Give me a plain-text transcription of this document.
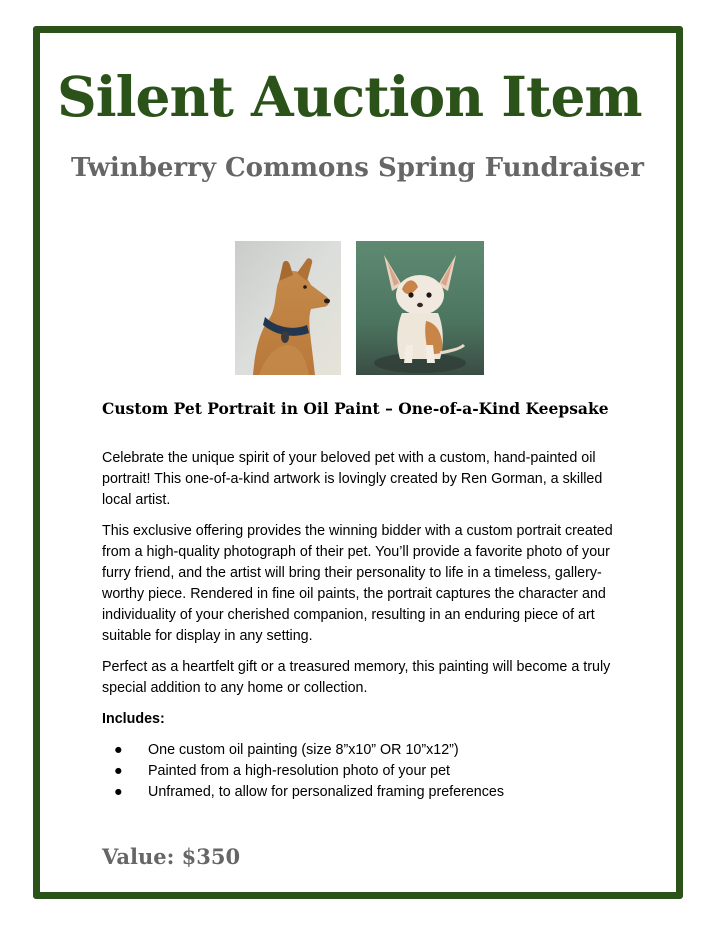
Silent Auction Item
Twinberry Commons Spring Fundraiser
Custom Pet Portrait in Oil Paint – One-of-a-Kind Keepsake

Celebrate the unique spirit of your beloved pet with a custom, hand-painted oil portrait! This one-of-a-kind artwork is lovingly created by Ren Gorman, a skilled local artist.

This exclusive offering provides the winning bidder with a custom portrait created from a high-quality photograph of their pet. You’ll provide a favorite photo of your furry friend, and the artist will bring their personality to life in a timeless, gallery-worthy piece. Rendered in fine oil paints, the portrait captures the character and individuality of your cherished companion, resulting in an enduring piece of art suitable for display in any setting.

Perfect as a heartfelt gift or a treasured memory, this painting will become a truly special addition to any home or collection.

Includes:

● One custom oil painting (size 8”x10” OR 10”x12”)
● Painted from a high-resolution photo of your pet
● Unframed, to allow for personalized framing preferences
Value: $350
